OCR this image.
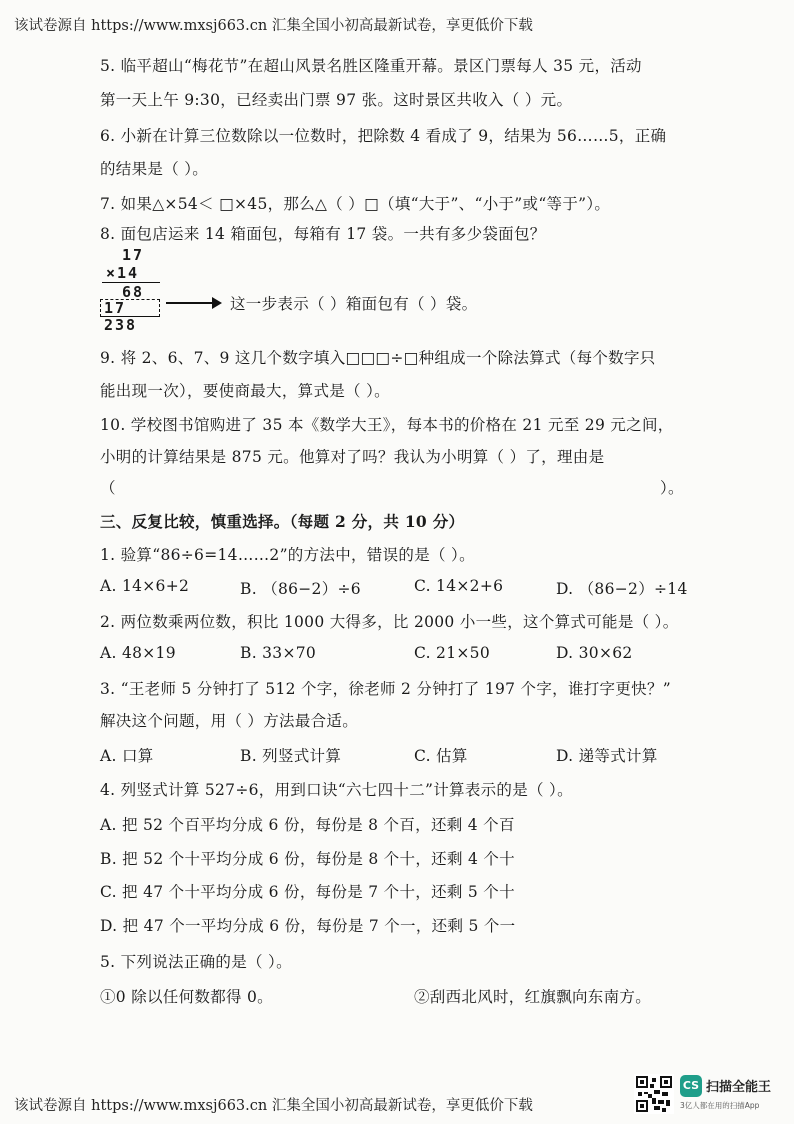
该试卷源自 https://www.mxsj663.cn 汇集全国小初高最新试卷，享更低价下载
5. 临平超山“梅花节”在超山风景名胜区隆重开幕。景区门票每人 35 元，活动
第一天上午 9:30，已经卖出门票 97 张。这时景区共收入（ ）元。
6. 小新在计算三位数除以一位数时，把除数 4 看成了 9，结果为 56……5，正确
的结果是（ ）。
7. 如果△×54＜ □×45，那么△（ ）□（填“大于”、“小于”或“等于”）。
8. 面包店运来 14 箱面包，每箱有 17 袋。一共有多少袋面包？
17
×14
68
17
238
这一步表示（ ）箱面包有（ ）袋。
9. 将 2、6、7、9 这几个数字填入□□□÷□种组成一个除法算式（每个数字只
能出现一次），要使商最大，算式是（ ）。
10. 学校图书馆购进了 35 本《数学大王》，每本书的价格在 21 元至 29 元之间，
小明的计算结果是 875 元。他算对了吗？我认为小明算（ ）了，理由是
（	）。
三、反复比较，慎重选择。（每题 2 分，共 10 分）
1. 验算“86÷6=14……2”的方法中，错误的是（ ）。
A. 14×6+2	B. （86−2）÷6	C. 14×2+6	D. （86−2）÷14
2. 两位数乘两位数，积比 1000 大得多，比 2000 小一些，这个算式可能是（ ）。
A. 48×19	B. 33×70	C. 21×50	D. 30×62
3. “王老师 5 分钟打了 512 个字，徐老师 2 分钟打了 197 个字，谁打字更快？”
解决这个问题，用（ ）方法最合适。
A. 口算	B. 列竖式计算	C. 估算	D. 递等式计算
4. 列竖式计算 527÷6，用到口诀“六七四十二”计算表示的是（ ）。
A. 把 52 个百平均分成 6 份，每份是 8 个百，还剩 4 个百
B. 把 52 个十平均分成 6 份，每份是 8 个十，还剩 4 个十
C. 把 47 个十平均分成 6 份，每份是 7 个十，还剩 5 个十
D. 把 47 个一平均分成 6 份，每份是 7 个一，还剩 5 个一
5. 下列说法正确的是（ ）。
①0 除以任何数都得 0。	②刮西北风时，红旗飘向东南方。
该试卷源自 https://www.mxsj663.cn 汇集全国小初高最新试卷，享更低价下载
CS 扫描全能王
3亿人都在用的扫描App
